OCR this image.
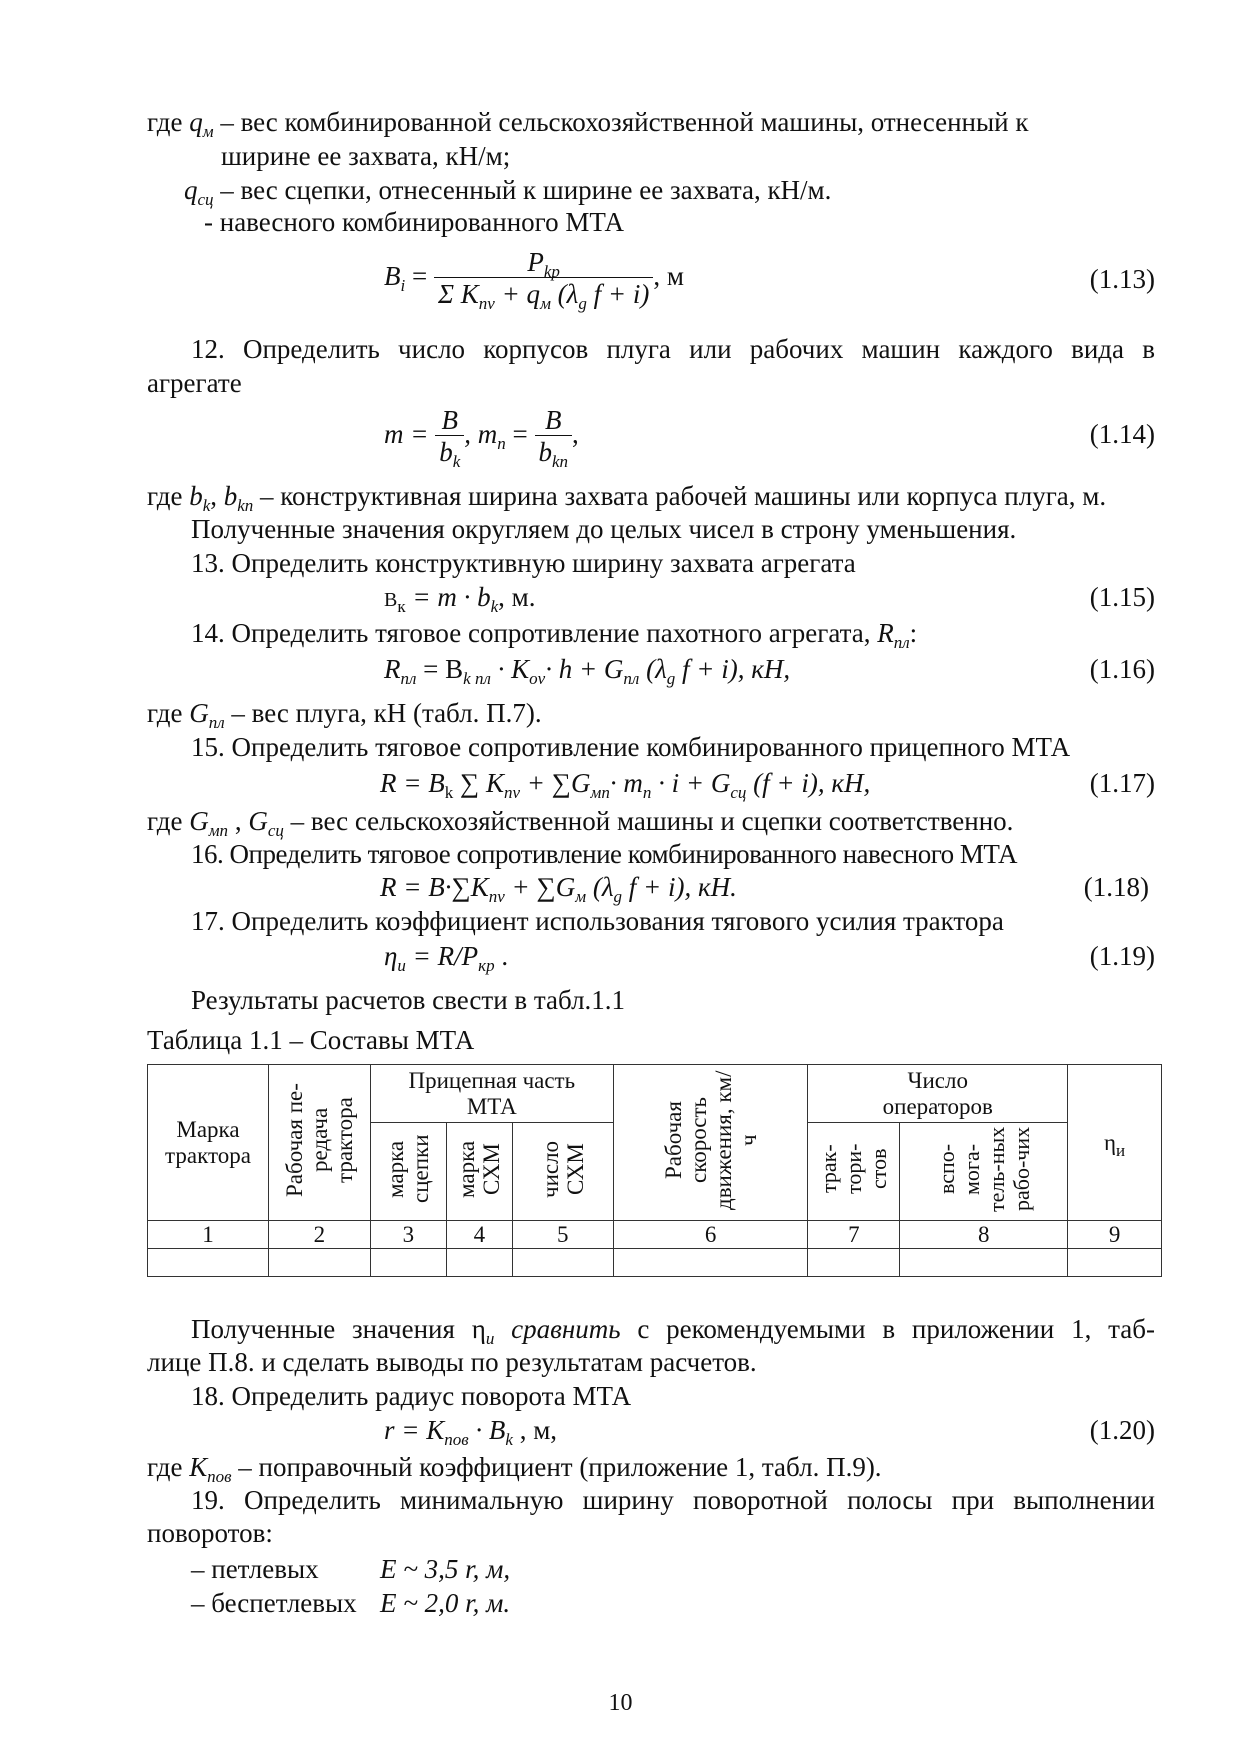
где $q_м$ – вес комбинированной сельскохозяйственной машины, отнесенный к
ширине ее захвата, кН/м;
$q_{сц}$ – вес сцепки, отнесенный к ширине ее захвата, кН/м.
- навесного комбинированного МТА
$B_i = \frac{P_{kp}}{\Sigma K_{nv} + q_м (\lambda_g f + i)}$ , м	(1.13)
12. Определить число корпусов плуга или рабочих машин каждого вида в
агрегате
$m = \frac{B}{b_k}$ , $m_п = \frac{B}{b_{kn}}$ ,	(1.14)
где $b_k$, $b_{kn}$ – конструктивная ширина захвата рабочей машины или корпуса плуга, м.
Полученные значения округляем до целых чисел в строну уменьшения.
13. Определить конструктивную ширину захвата агрегата
$В_к = m \cdot b_k$, м.	(1.15)
14. Определить тяговое сопротивление пахотного агрегата, $R_{пл}$:
$R_{пл} = B_{k пл} \cdot K_{ov}\cdot h + G_{пл}$ ($\lambda_g$ f + i), кН,	(1.16)
где $G_{пл}$ – вес плуга, кН (табл. П.7).
15. Определить тяговое сопротивление комбинированного прицепного МТА
$R = В_k$ ∑ $K_{nv} + \sum G_{мп}\cdot m_n \cdot i + G_{сц}$ (f + i), кН,	(1.17)
где $G_{мп}$ , $G_{сц}$ – вес сельскохозяйственной машины и сцепки соответственно.
16. Определить тяговое сопротивление комбинированного навесного МТА
$R = B\cdot\sum K_{nv} + \sum G_м$ ($\lambda_g$ f + i), кН.	(1.18)
17. Определить коэффициент использования тягового усилия трактора
$\eta_и = R/P_{кр}$ .	(1.19)
Результаты расчетов свести в табл.1.1
Таблица 1.1 – Составы МТА
Марка трактора	Рабочая пе-редача трактора	Прицепная часть МТА			Рабочая скорость движения, км/ч	Число операторов		$\eta_и$
		марка сцепки	марка СХМ	число СХМ		трак-тори-стов	вспо-мога-тель-ных рабо-чих	
1	2	3	4	5	6	7	8	9

Полученные значения $\eta_и$ сравнить с рекомендуемыми в приложении 1, таб-
лице П.8. и сделать выводы по результатам расчетов.
18. Определить радиус поворота МТА
$r = K_{пов} \cdot B_k$ , м,	(1.20)
где $К_{пов}$ – поправочный коэффициент (приложение 1, табл. П.9).
19. Определить минимальную ширину поворотной полосы при выполнении
поворотов:
– петлевых E ~ 3,5 r, м,
– беспетлевых E ~ 2,0 r, м.
10
